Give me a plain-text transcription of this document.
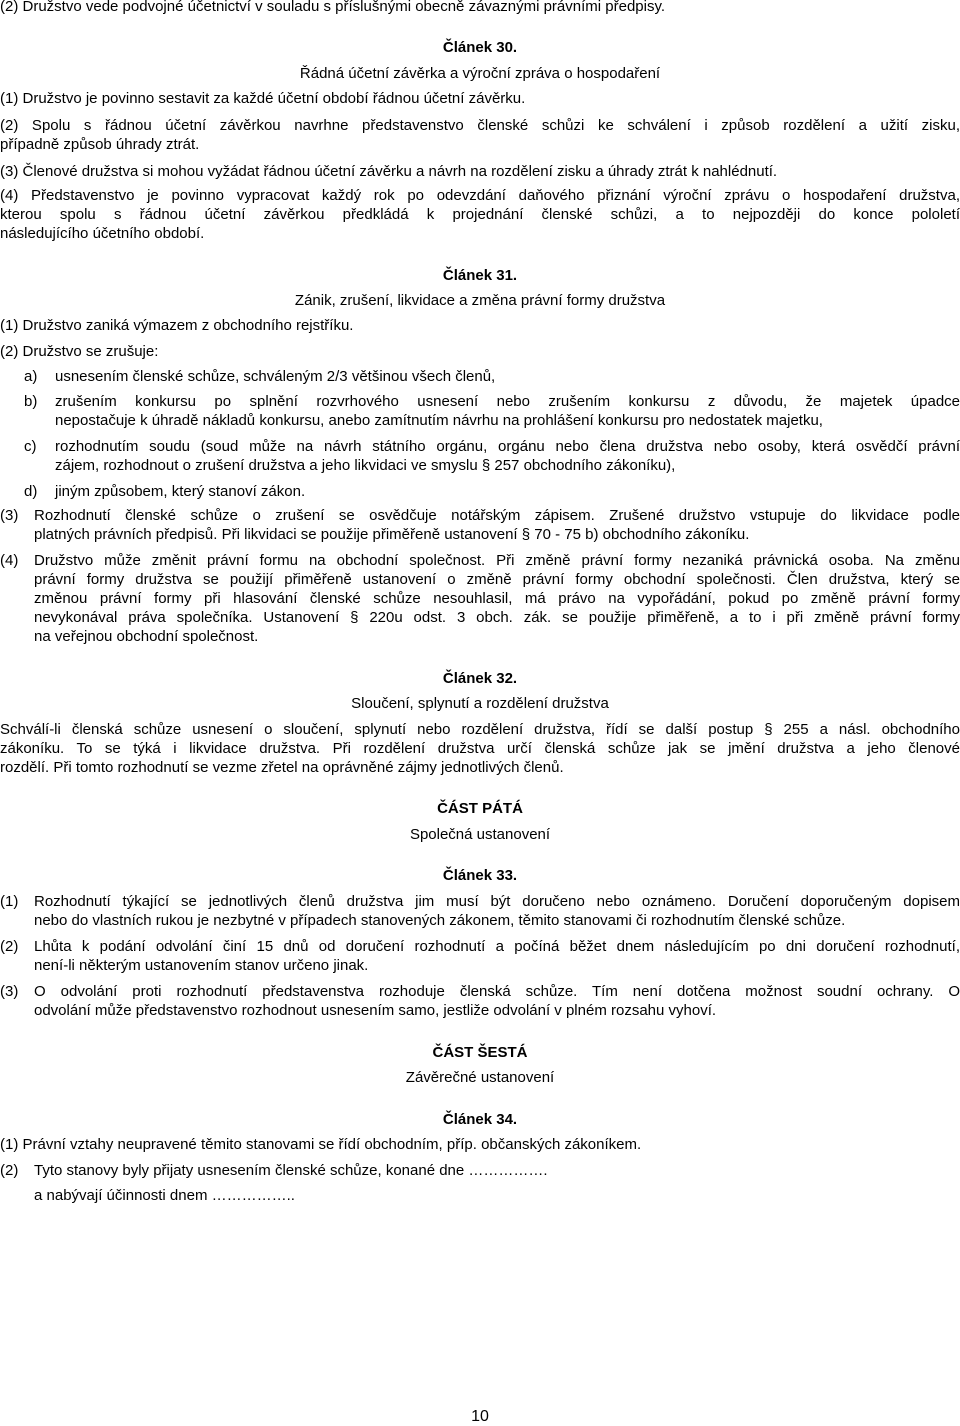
(2) Družstvo vede podvojné účetnictví v souladu s příslušnými obecně závaznými právními předpisy.

Článek 30.

Řádná účetní závěrka a výroční zpráva o hospodaření

(1) Družstvo je povinno sestavit za každé účetní období řádnou účetní závěrku.

(2) Spolu s řádnou účetní závěrkou navrhne představenstvo členské schůzi ke schválení i způsob rozdělení a užití zisku,

případně způsob úhrady ztrát.

(3) Členové družstva si mohou vyžádat řádnou účetní závěrku a návrh na rozdělení zisku a úhrady ztrát k nahlédnutí.

(4) Představenstvo je povinno vypracovat každý rok po odevzdání daňového přiznání výroční zprávu o hospodaření družstva,

kterou spolu s řádnou účetní závěrkou předkládá k projednání členské schůzi, a to nejpozději do konce pololetí

následujícího účetního období.

Článek 31.

Zánik, zrušení, likvidace a změna právní formy družstva

(1) Družstvo zaniká výmazem z obchodního rejstříku.

(2) Družstvo se zrušuje:

a) usnesením členské schůze, schváleným 2/3 většinou všech členů,
b) zrušením konkursu po splnění rozvrhového usnesení nebo zrušením konkursu z důvodu, že majetek úpadce

nepostačuje k úhradě nákladů konkursu, anebo zamítnutím návrhu na prohlášení konkursu pro nedostatek majetku,

c) rozhodnutím soudu (soud může na návrh státního orgánu, orgánu nebo člena družstva nebo osoby, která osvědčí právní

zájem, rozhodnout o zrušení družstva a jeho likvidaci ve smyslu § 257 obchodního zákoníku),

d) jiným způsobem, který stanoví zákon.
(3) Rozhodnutí členské schůze o zrušení se osvědčuje notářským zápisem. Zrušené družstvo vstupuje do likvidace podle

platných právních předpisů. Při likvidaci se použije přiměřeně ustanovení § 70 - 75 b) obchodního zákoníku.

(4) Družstvo může změnit právní formu na obchodní společnost. Při změně právní formy nezaniká právnická osoba. Na změnu

právní formy družstva se použijí přiměřeně ustanovení o změně právní formy obchodní společnosti. Člen družstva, který se

změnou právní formy při hlasování členské schůze nesouhlasil, má právo na vypořádání, pokud po změně právní formy

nevykonával práva společníka. Ustanovení § 220u odst. 3 obch. zák. se použije přiměřeně, a to i při změně právní formy

na veřejnou obchodní společnost.

Článek 32.

Sloučení, splynutí a rozdělení družstva

Schválí-li členská schůze usnesení o sloučení, splynutí nebo rozdělení družstva, řídí se další postup § 255 a násl. obchodního

zákoníku. To se týká i likvidace družstva. Při rozdělení družstva určí členská schůze jak se jmění družstva a jeho členové

rozdělí. Při tomto rozhodnutí se vezme zřetel na oprávněné zájmy jednotlivých členů.

ČÁST PÁTÁ

Společná ustanovení

Článek 33.

(1) Rozhodnutí týkající se jednotlivých členů družstva jim musí být doručeno nebo oznámeno. Doručení doporučeným dopisem

nebo do vlastních rukou je nezbytné v případech stanovených zákonem, těmito stanovami či rozhodnutím členské schůze.

(2) Lhůta k podání odvolání činí 15 dnů od doručení rozhodnutí a počíná běžet dnem následujícím po dni doručení rozhodnutí,

není-li některým ustanovením stanov určeno jinak.

(3) O odvolání proti rozhodnutí představenstva rozhoduje členská schůze. Tím není dotčena možnost soudní ochrany. O

odvolání může představenstvo rozhodnout usnesením samo, jestliže odvolání v plném rozsahu vyhoví.

ČÁST ŠESTÁ

Závěrečné ustanovení

Článek 34.

(1) Právní vztahy neupravené těmito stanovami se řídí obchodním, příp. občanských zákoníkem.

(2) Tyto stanovy byly přijaty usnesením členské schůze, konané dne …………….

a nabývají účinnosti dnem ……………..

10
